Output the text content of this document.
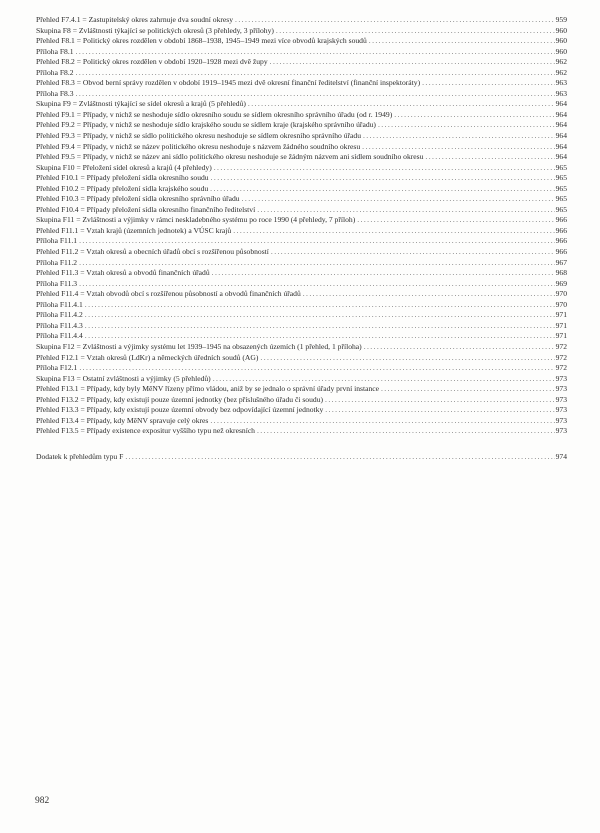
Přehled F7.4.1 = Zastupitelský okres zahrnuje dva soudní okresy .....	959
Skupina F8 = Zvláštnosti týkající se politických okresů (3 přehledy, 3 přílohy) .....	960
Přehled F8.1 = Politický okres rozdělen v období 1868–1938, 1945–1949 mezi více obvodů krajských soudů .....	960
Příloha F8.1 .....	960
Přehled F8.2 = Politický okres rozdělen v období 1920–1928 mezi dvě župy .....	962
Příloha F8.2 .....	962
Přehled F8.3 = Obvod berní správy rozdělen v období 1919–1945 mezi dvě okresní finanční ředitelství (finanční inspektoráty) .....	963
Příloha F8.3 .....	963
Skupina F9 = Zvláštnosti týkající se sídel okresů a krajů (5 přehledů) .....	964
Přehled F9.1 = Případy, v nichž se neshoduje sídlo okresního soudu se sídlem okresního správního úřadu (od r. 1949) .....	964
Přehled F9.2 = Případy, v nichž se neshoduje sídlo krajského soudu se sídlem kraje (krajského správního úřadu) .....	964
Přehled F9.3 = Případy, v nichž se sídlo politického okresu neshoduje se sídlem okresního správního úřadu .....	964
Přehled F9.4 = Případy, v nichž se název politického okresu neshoduje s názvem žádného soudního okresu .....	964
Přehled F9.5 = Případy, v nichž se název ani sídlo politického okresu neshoduje se žádným názvem ani sídlem soudního okresu .....	964
Skupina F10 = Přeložení sídel okresů a krajů (4 přehledy) .....	965
Přehled F10.1 = Případy přeložení sídla okresního soudu .....	965
Přehled F10.2 = Případy přeložení sídla krajského soudu .....	965
Přehled F10.3 = Případy přeložení sídla okresního správního úřadu .....	965
Přehled F10.4 = Případy přeložení sídla okresního finančního ředitelství .....	965
Skupina F11 = Zvláštnosti a výjimky v rámci neskladebného systému po roce 1990 (4 přehledy, 7 příloh) .....	966
Přehled F11.1 = Vztah krajů (územních jednotek) a VÚSC krajů .....	966
Příloha F11.1 .....	966
Přehled F11.2 = Vztah okresů a obecních úřadů obcí s rozšířenou působností .....	966
Příloha F11.2 .....	967
Přehled F11.3 = Vztah okresů a obvodů finančních úřadů .....	968
Příloha F11.3 .....	969
Přehled F11.4 = Vztah obvodů obcí s rozšířenou působností a obvodů finančních úřadů .....	970
Příloha F11.4.1 .....	970
Příloha F11.4.2 .....	971
Příloha F11.4.3 .....	971
Příloha F11.4.4 .....	971
Skupina F12 = Zvláštnosti a výjimky systému let 1939–1945 na obsazených územích (1 přehled, 1 příloha) .....	972
Přehled F12.1 = Vztah okresů (LdKr) a německých úředních soudů (AG) .....	972
Příloha F12.1 .....	972
Skupina F13 = Ostatní zvláštnosti a výjimky (5 přehledů) .....	973
Přehled F13.1 = Případy, kdy byly MěNV řízeny přímo vládou, aniž by se jednalo o správní úřady první instance .....	973
Přehled F13.2 = Případy, kdy existují pouze územní jednotky (bez příslušného úřadu či soudu) .....	973
Přehled F13.3 = Případy, kdy existují pouze územní obvody bez odpovídající územní jednotky .....	973
Přehled F13.4 = Případy, kdy MěNV spravuje celý okres .....	973
Přehled F13.5 = Případy existence expositur vyššího typu než okresních .....	973
Dodatek k přehledům typu F .....	974
982
